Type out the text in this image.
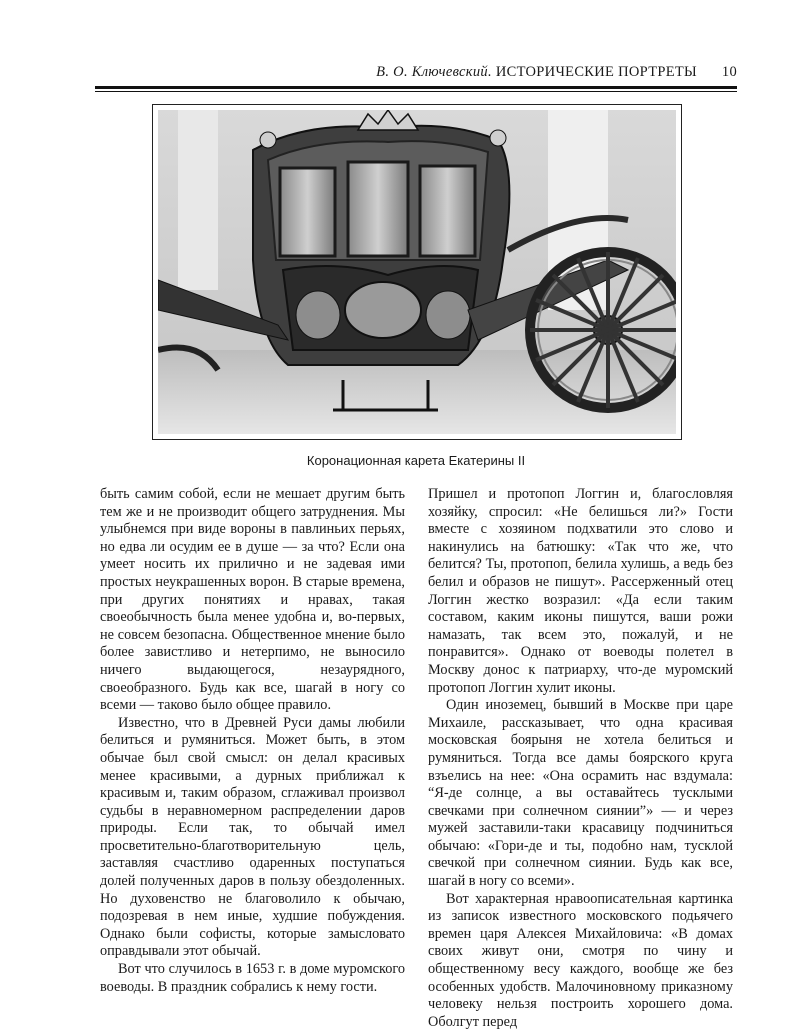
В. О. Ключевский. ИСТОРИЧЕСКИЕ ПОРТРЕТЫ 10
Коронационная карета Екатерины II

быть самим собой, если не мешает другим быть тем же и не производит общего затруднения. Мы улыбнемся при виде вороны в павлиньих перьях, но едва ли осудим ее в душе — за что? Если она умеет носить их прилично и не задевая ими простых неукрашенных ворон. В старые времена, при других понятиях и нравах, такая своеобычность была менее удобна и, во-первых, не совсем безопасна. Общественное мнение было более завистливо и нетерпимо, не выносило ничего выдающегося, незаурядного, своеобразного. Будь как все, шагай в ногу со всеми — таково было общее правило.

Известно, что в Древней Руси дамы любили белиться и румяниться. Может быть, в этом обычае был свой смысл: он делал красивых менее красивыми, а дурных приближал к красивым и, таким образом, сглаживал произвол судьбы в неравномерном распределении даров природы. Если так, то обычай имел просветительно-благотворительную цель, заставляя счастливо одаренных поступаться долей полученных даров в пользу обездоленных. Но духовенство не благоволило к обычаю, подозревая в нем иные, худшие побуждения. Однако были софисты, которые замысловато оправдывали этот обычай.

Вот что случилось в 1653 г. в доме муромского воеводы. В праздник собрались к нему гости.

Пришел и протопоп Логгин и, благословляя хозяйку, спросил: «Не белишься ли?» Гости вместе с хозяином подхватили это слово и накинулись на батюшку: «Так что же, что белится? Ты, протопоп, белила хулишь, а ведь без белил и образов не пишут». Рассерженный отец Логгин жестко возразил: «Да если таким составом, каким иконы пишутся, ваши рожи намазать, так всем это, пожалуй, и не понравится». Однако от воеводы полетел в Москву донос к патриарху, что-де муромский протопоп Логгин хулит иконы.

Один иноземец, бывший в Москве при царе Михаиле, рассказывает, что одна красивая московская боярыня не хотела белиться и румяниться. Тогда все дамы боярского круга взъелись на нее: «Она осрамить нас вздумала: “Я-де солнце, а вы оставайтесь тусклыми свечками при солнечном сиянии”» — и через мужей заставили-таки красавицу подчиниться обычаю: «Гори-де и ты, подобно нам, тусклой свечкой при солнечном сиянии. Будь как все, шагай в ногу со всеми».

Вот характерная нравоописательная картинка из записок известного московского подьячего времен царя Алексея Михайловича: «В домах своих живут они, смотря по чину и общественному весу каждого, вообще же без особенных удобств. Малочиновному приказному человеку нельзя построить хорошего дома. Оболгут перед
